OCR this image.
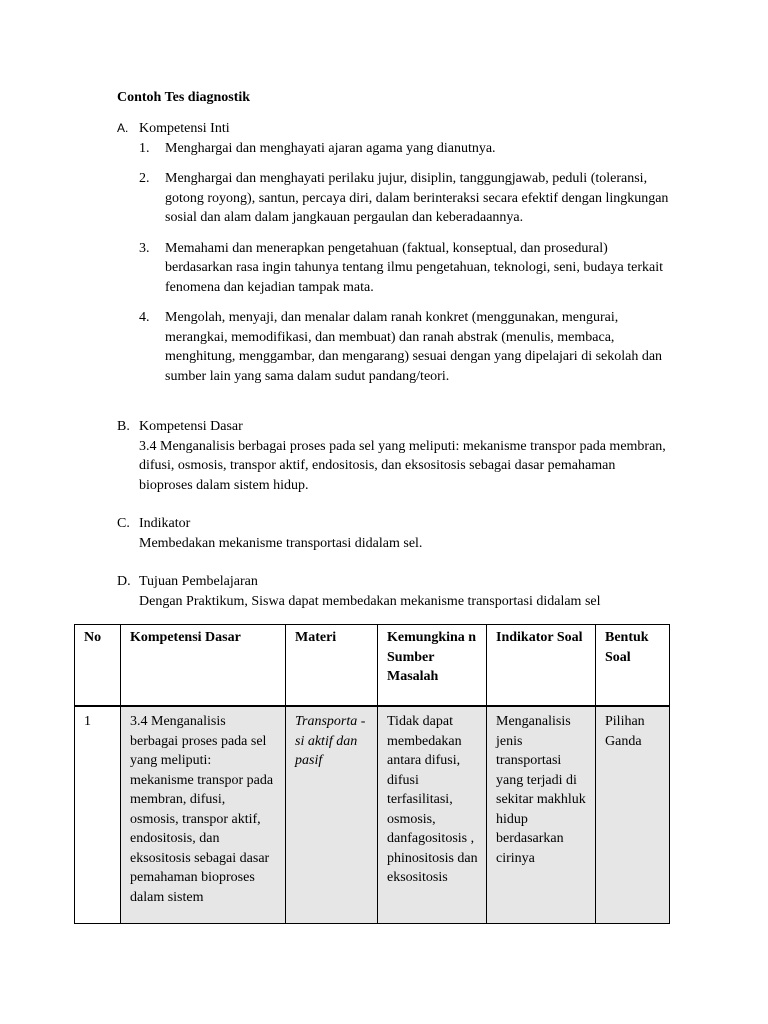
Contoh Tes diagnostik
A. Kompetensi Inti
1. Menghargai dan menghayati ajaran agama yang dianutnya.
2. Menghargai dan menghayati perilaku jujur, disiplin, tanggungjawab, peduli (toleransi, gotong royong), santun, percaya diri, dalam berinteraksi secara efektif dengan lingkungan sosial dan alam dalam jangkauan pergaulan dan keberadaannya.
3. Memahami dan menerapkan pengetahuan (faktual, konseptual, dan prosedural) berdasarkan rasa ingin tahunya tentang ilmu pengetahuan, teknologi, seni, budaya terkait fenomena dan kejadian tampak mata.
4. Mengolah, menyaji, dan menalar dalam ranah konkret (menggunakan, mengurai, merangkai, memodifikasi, dan membuat) dan ranah abstrak (menulis, membaca, menghitung, menggambar, dan mengarang) sesuai dengan yang dipelajari di sekolah dan sumber lain yang sama dalam sudut pandang/teori.
B. Kompetensi Dasar
3.4 Menganalisis berbagai proses pada sel yang meliputi: mekanisme transpor pada membran, difusi, osmosis, transpor aktif, endositosis, dan eksositosis sebagai dasar pemahaman bioproses dalam sistem hidup.
C. Indikator
Membedakan mekanisme transportasi didalam sel.
D. Tujuan Pembelajaran
Dengan Praktikum, Siswa dapat membedakan mekanisme transportasi didalam sel
No	Kompetensi Dasar	Materi	Kemungkina n Sumber Masalah	Indikator Soal	Bentuk Soal
1	3.4 Menganalisis berbagai proses pada sel yang meliputi: mekanisme transpor pada membran, difusi, osmosis, transpor aktif, endositosis, dan eksositosis sebagai dasar pemahaman bioproses dalam sistem	Transporta -si aktif dan pasif	Tidak dapat membedakan antara difusi, difusi terfasilitasi, osmosis, danfagositosis , phinositosis dan eksositosis	Menganalisis jenis transportasi yang terjadi di sekitar makhluk hidup berdasarkan cirinya	Pilihan Ganda
